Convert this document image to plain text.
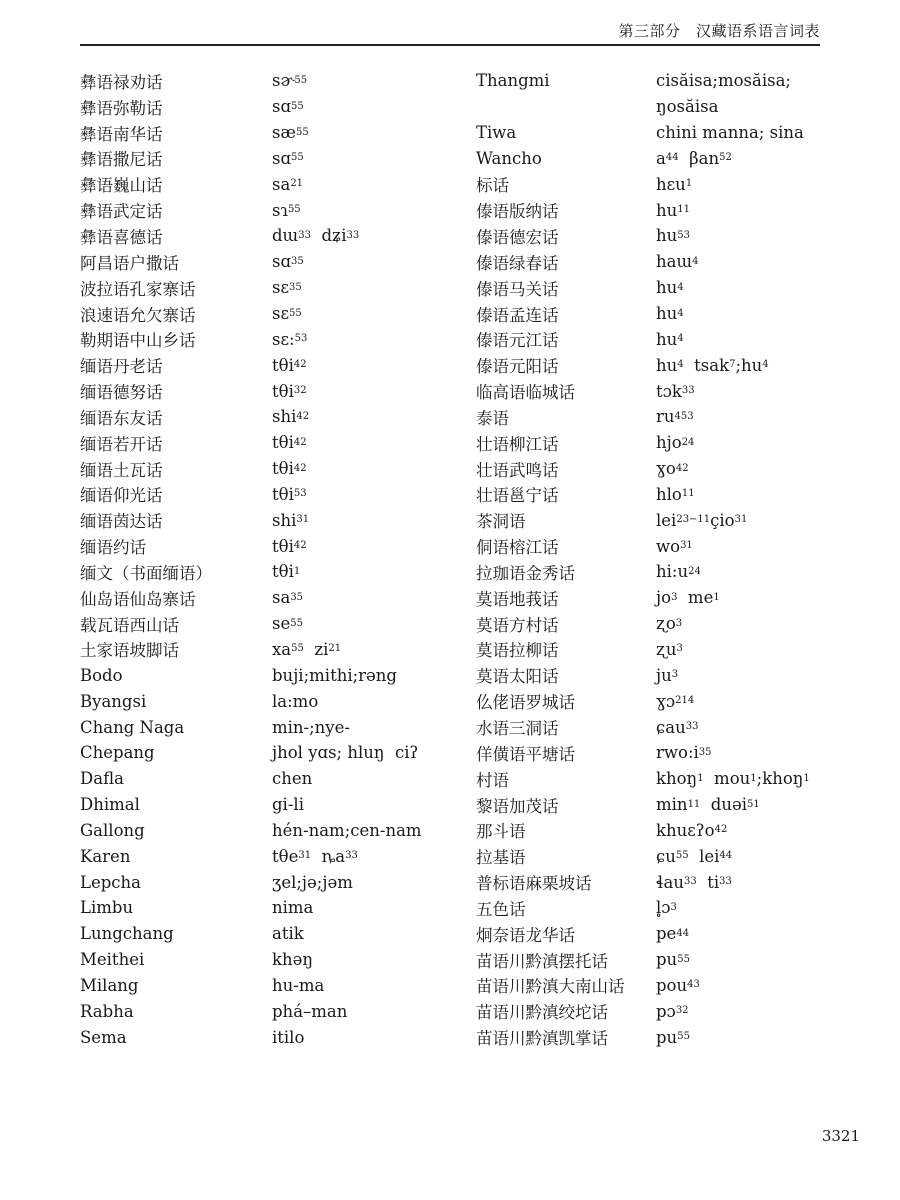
第三部分　汉藏语系语言词表
彝语禄劝话
彝语弥勒话
彝语南华话
彝语撒尼话
彝语巍山话
彝语武定话
彝语喜德话
阿昌语户撒话
波拉语孔家寨话
浪速语允欠寨话
勒期语中山乡话
缅语丹老话
缅语德努话
缅语东友话
缅语若开话
缅语土瓦话
缅语仰光话
缅语茵达话
缅语约话
缅文（书面缅语）
仙岛语仙岛寨话
载瓦语西山话
土家语坡脚话
Bodo
Byangsi
Chang Naga
Chepang
Dafla
Dhimal
Gallong
Karen
Lepcha
Limbu
Lungchang
Meithei
Milang
Rabha
Sema
sɚ 55
sɑ 55
sæ 55
sɑ 55
sa 21
sɿ 55
dɯ 33 dʑi 33
sɑ 35
sɛ 35
sɛ 55
sɛ: 53
tθi 42
tθi 32
shi 42
tθi 42
tθi 42
tθi 53
shi 31
tθi 42
tθi 1
sa 35
se 55
xa 55 zi 21
buji;mithi;rəng
la:mo
min-;nye-
jhol yɑs; hluŋ  ciʔ
chen
gi-li
hén-nam;cen-nam
tθe 31 ȵa 33
ʒel;jə;jəm
nima
atik
khəŋ
hu-ma
phá–man
itilo
Thangmi
Tiwa
Wancho
标话
傣语版纳话
傣语德宏话
傣语绿春话
傣语马关话
傣语孟连话
傣语元江话
傣语元阳话
临高语临城话
泰语
壮语柳江话
壮语武鸣话
壮语邕宁话
茶洞语
侗语榕江话
拉珈语金秀话
莫语地莪话
莫语方村话
莫语拉柳话
莫语太阳话
仫佬语罗城话
水语三洞话
佯僙语平塘话
村语
黎语加茂话
那斗语
拉基语
普标语麻栗坡话
五色话
炯奈语龙华话
苗语川黔滇摆托话
苗语川黔滇大南山话
苗语川黔滇绞坨话
苗语川黔滇凯掌话
cisăisa;mosăisa;
ŋosăisa
chini manna; sina
a 44 βan 52
hɛu 1
hu 11
hu 53
haɯ 4
hu 4
hu 4
hu 4
hu 4 tsak 7 ;hu 4
tɔk 33
ru 453
hjo 24
ɣo 42
hlo 11
lei 23−11 çio 31
wo 31
hi:u 24
jo 3 me 1
ʐo 3
ʐu 3
ju 3
ɣɔ 214
ɕau 33
rwo:i 35
khoŋ 1 mou 1 ;khoŋ 1
min 11 duəi 51
khuɛʔo 42
ɕu 55 lei 44
ɬau 33 ti 33
l̥ɔ 3
pe 44
pu 55
pou 43
pɔ 32
pu 55
3321
